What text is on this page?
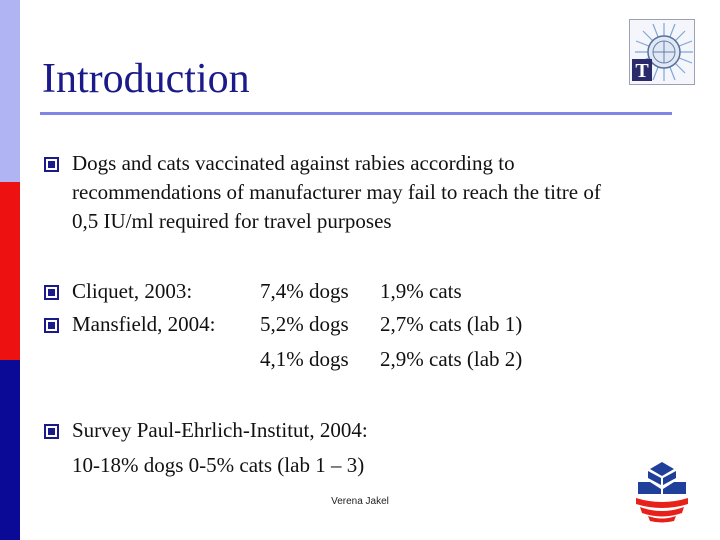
Introduction	T
Dogs and cats vaccinated against rabies according to
recommendations of manufacturer may fail to reach the titre of
0,5 IU/ml required for travel purposes
Cliquet, 2003:	7,4% dogs 1,9% cats
Mansfield, 2004: 5,2% dogs 2,7% cats (lab 1)
4,1% dogs 2,9% cats (lab 2)
Survey Paul-Ehrlich-Institut, 2004:
10-18% dogs 0-5% cats (lab 1 – 3)
Verena Jakel
